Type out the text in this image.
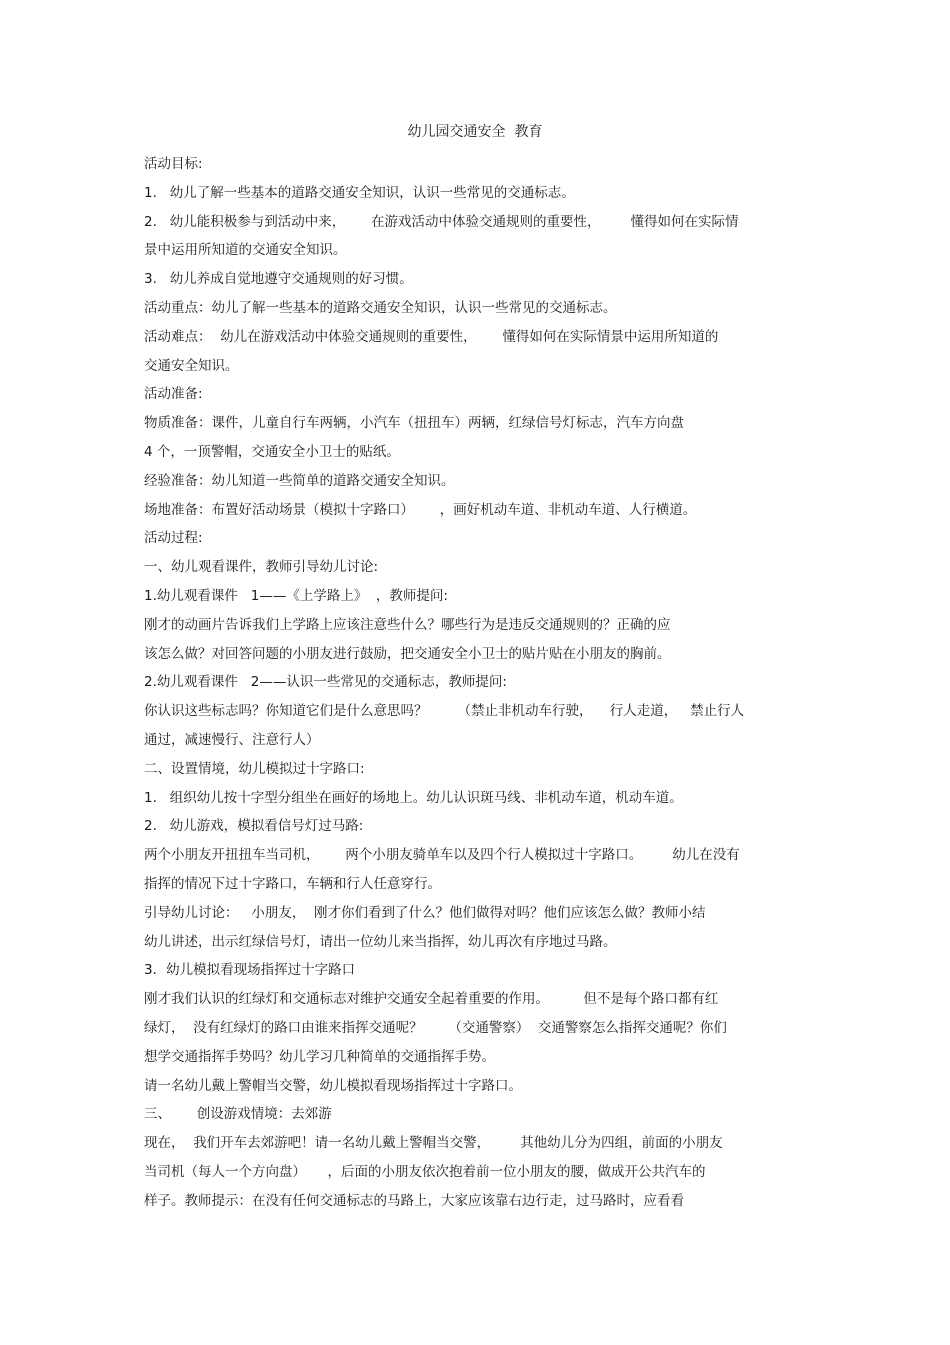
幼儿园交通安全  教育
活动目标:
1.   幼儿了解一些基本的道路交通安全知识，认识一些常见的交通标志。
2.   幼儿能积极参与到活动中来，      在游戏活动中体验交通规则的重要性，       懂得如何在实际情
景中运用所知道的交通安全知识。
3.   幼儿养成自觉地遵守交通规则的好习惯。
活动重点：幼儿了解一些基本的道路交通安全知识，认识一些常见的交通标志。
活动难点：  幼儿在游戏活动中体验交通规则的重要性，      懂得如何在实际情景中运用所知道的
交通安全知识。
活动准备:
物质准备：课件，儿童自行车两辆，小汽车（扭扭车）两辆，红绿信号灯标志，汽车方向盘
4 个，一顶警帽，交通安全小卫士的贴纸。
经验准备：幼儿知道一些简单的道路交通安全知识。
场地准备：布置好活动场景（模拟十字路口）      ，画好机动车道、非机动车道、人行横道。
活动过程:
一、幼儿观看课件，教师引导幼儿讨论:
1.幼儿观看课件   1——《上学路上》  ，教师提问:
刚才的动画片告诉我们上学路上应该注意些什么？哪些行为是违反交通规则的？正确的应
该怎么做？对回答问题的小朋友进行鼓励，把交通安全小卫士的贴片贴在小朋友的胸前。
2.幼儿观看课件   2——认识一些常见的交通标志，教师提问:
你认识这些标志吗？你知道它们是什么意思吗？       （禁止非机动车行驶，    行人走道，   禁止行人
通过，减速慢行、注意行人）
二、设置情境，幼儿模拟过十字路口:
1.   组织幼儿按十字型分组坐在画好的场地上。幼儿认识斑马线、非机动车道，机动车道。
2.   幼儿游戏，模拟看信号灯过马路:
两个小朋友开扭扭车当司机，      两个小朋友骑单车以及四个行人模拟过十字路口。       幼儿在没有
指挥的情况下过十字路口，车辆和行人任意穿行。
引导幼儿讨论：   小朋友，  刚才你们看到了什么？他们做得对吗？他们应该怎么做？教师小结
幼儿讲述，出示红绿信号灯，请出一位幼儿来当指挥，幼儿再次有序地过马路。
3．幼儿模拟看现场指挥过十字路口
刚才我们认识的红绿灯和交通标志对维护交通安全起着重要的作用。        但不是每个路口都有红
绿灯，  没有红绿灯的路口由谁来指挥交通呢？      （交通警察）  交通警察怎么指挥交通呢？你们
想学交通指挥手势吗？幼儿学习几种简单的交通指挥手势。
请一名幼儿戴上警帽当交警，幼儿模拟看现场指挥过十字路口。
三、      创设游戏情境：去郊游
现在，  我们开车去郊游吧！请一名幼儿戴上警帽当交警，       其他幼儿分为四组，前面的小朋友
当司机（每人一个方向盘）     ，后面的小朋友依次抱着前一位小朋友的腰，做成开公共汽车的
样子。教师提示：在没有任何交通标志的马路上，大家应该靠右边行走，过马路时，应看看
